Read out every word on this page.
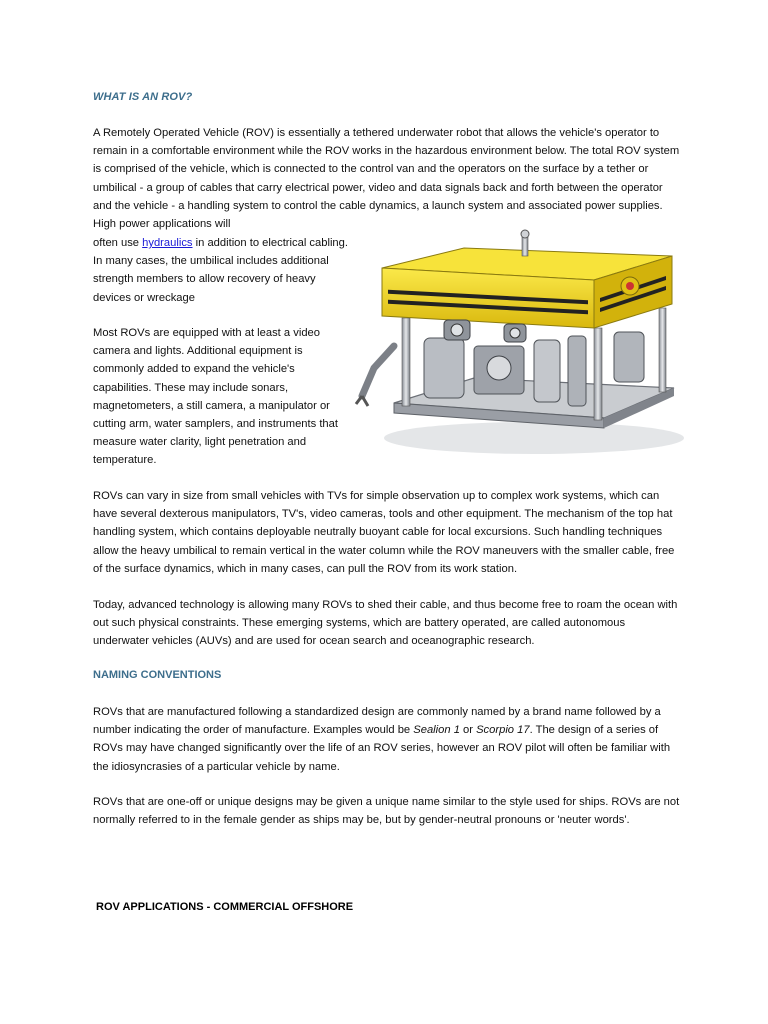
WHAT IS AN ROV?

A Remotely Operated Vehicle (ROV) is essentially a tethered underwater robot that allows the vehicle's operator to remain in a comfortable environment while the ROV works in the hazardous environment below. The total ROV system is comprised of the vehicle, which is connected to the control van and the operators on the surface by a tether or umbilical - a group of cables that carry electrical power, video and data signals back and forth between the operator and the vehicle - a handling system to control the cable dynamics, a launch system and associated power supplies. High power applications will

often use hydraulics in addition to electrical cabling. In many cases, the umbilical includes additional strength members to allow recovery of heavy devices or wreckage

Most ROVs are equipped with at least a video camera and lights. Additional equipment is commonly added to expand the vehicle's capabilities. These may include sonars, magnetometers, a still camera, a manipulator or cutting arm, water samplers, and instruments that measure water clarity, light penetration and temperature.

ROVs can vary in size from small vehicles with TVs for simple observation up to complex work systems, which can have several dexterous manipulators, TV's, video cameras, tools and other equipment. The mechanism of the top hat handling system, which contains deployable neutrally buoyant cable for local excursions. Such handling techniques allow the heavy umbilical to remain vertical in the water column while the ROV maneuvers with the smaller cable, free of the surface dynamics, which in many cases, can pull the ROV from its work station.

Today, advanced technology is allowing many ROVs to shed their cable, and thus become free to roam the ocean with out such physical constraints. These emerging systems, which are battery operated, are called autonomous underwater vehicles (AUVs) and are used for ocean search and oceanographic research.

NAMING CONVENTIONS

ROVs that are manufactured following a standardized design are commonly named by a brand name followed by a number indicating the order of manufacture. Examples would be Sealion 1 or Scorpio 17. The design of a series of ROVs may have changed significantly over the life of an ROV series, however an ROV pilot will often be familiar with the idiosyncrasies of a particular vehicle by name.

ROVs that are one-off or unique designs may be given a unique name similar to the style used for ships. ROVs are not normally referred to in the female gender as ships may be, but by gender-neutral pronouns or 'neuter words'.

ROV APPLICATIONS - COMMERCIAL OFFSHORE
